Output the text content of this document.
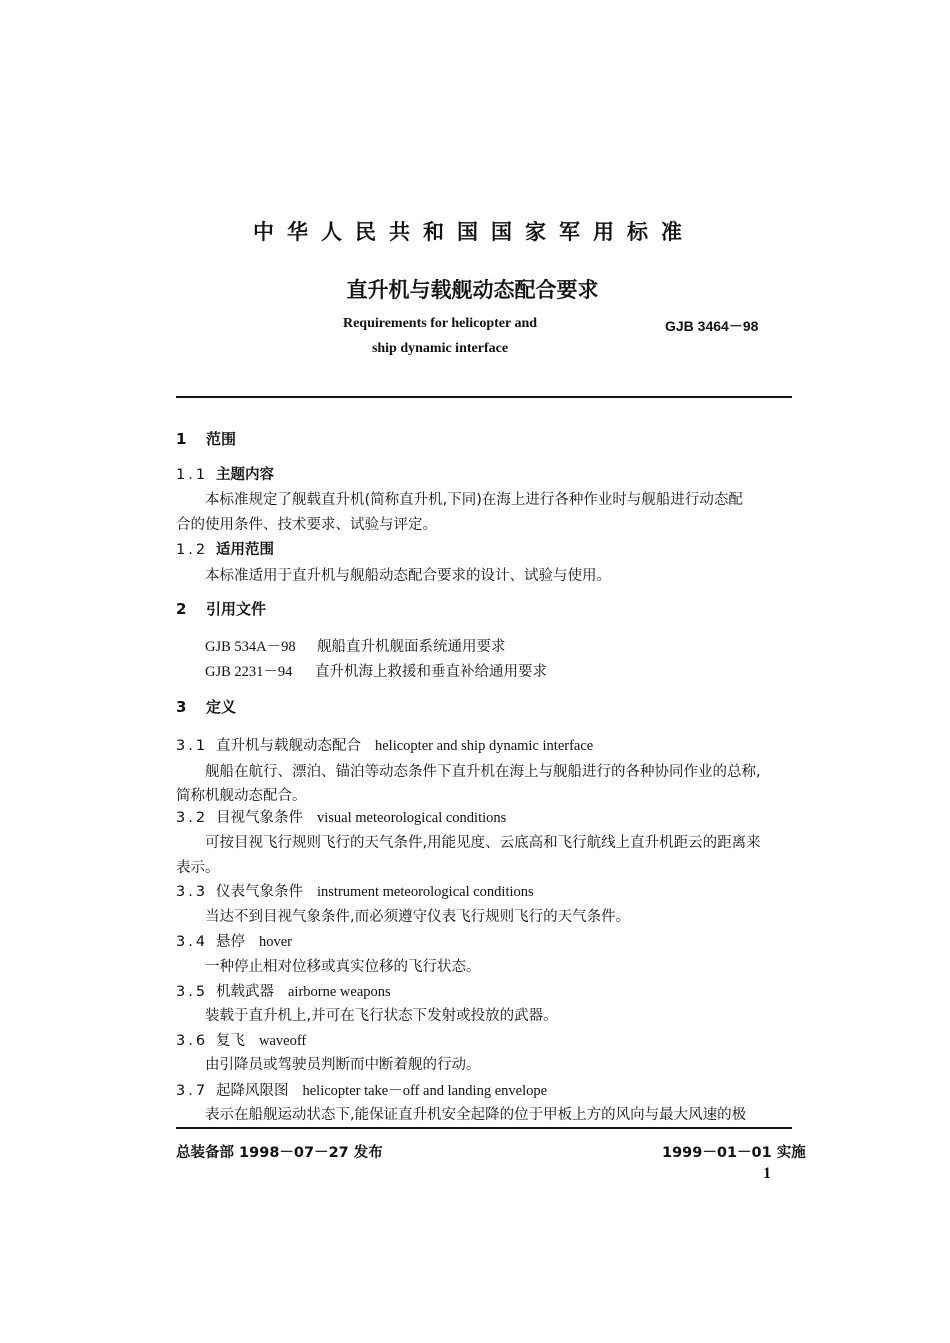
中华人民共和国国家军用标准
直升机与载舰动态配合要求
Requirements for helicopter and
ship dynamic interface
GJB 3464－98
1 范围
1.1 主题内容
本标准规定了舰载直升机(简称直升机,下同)在海上进行各种作业时与舰船进行动态配
合的使用条件、技术要求、试验与评定。
1.2 适用范围
本标准适用于直升机与舰船动态配合要求的设计、试验与使用。
2 引用文件
GJB 534A－98 舰船直升机舰面系统通用要求
GJB 2231－94 直升机海上救援和垂直补给通用要求
3 定义
3.1 直升机与载舰动态配合 helicopter and ship dynamic interface
舰船在航行、漂泊、锚泊等动态条件下直升机在海上与舰船进行的各种协同作业的总称,
简称机舰动态配合。
3.2 目视气象条件 visual meteorological conditions
可按目视飞行规则飞行的天气条件,用能见度、云底高和飞行航线上直升机距云的距离来
表示。
3.3 仪表气象条件 instrument meteorological conditions
当达不到目视气象条件,而必须遵守仪表飞行规则飞行的天气条件。
3.4 悬停 hover
一种停止相对位移或真实位移的飞行状态。
3.5 机载武器 airborne weapons
装载于直升机上,并可在飞行状态下发射或投放的武器。
3.6 复飞 waveoff
由引降员或驾驶员判断而中断着舰的行动。
3.7 起降风限图 helicopter take－off and landing envelope
表示在船舰运动状态下,能保证直升机安全起降的位于甲板上方的风向与最大风速的极
总装备部 1998－07－27 发布	1999－01－01 实施
1
